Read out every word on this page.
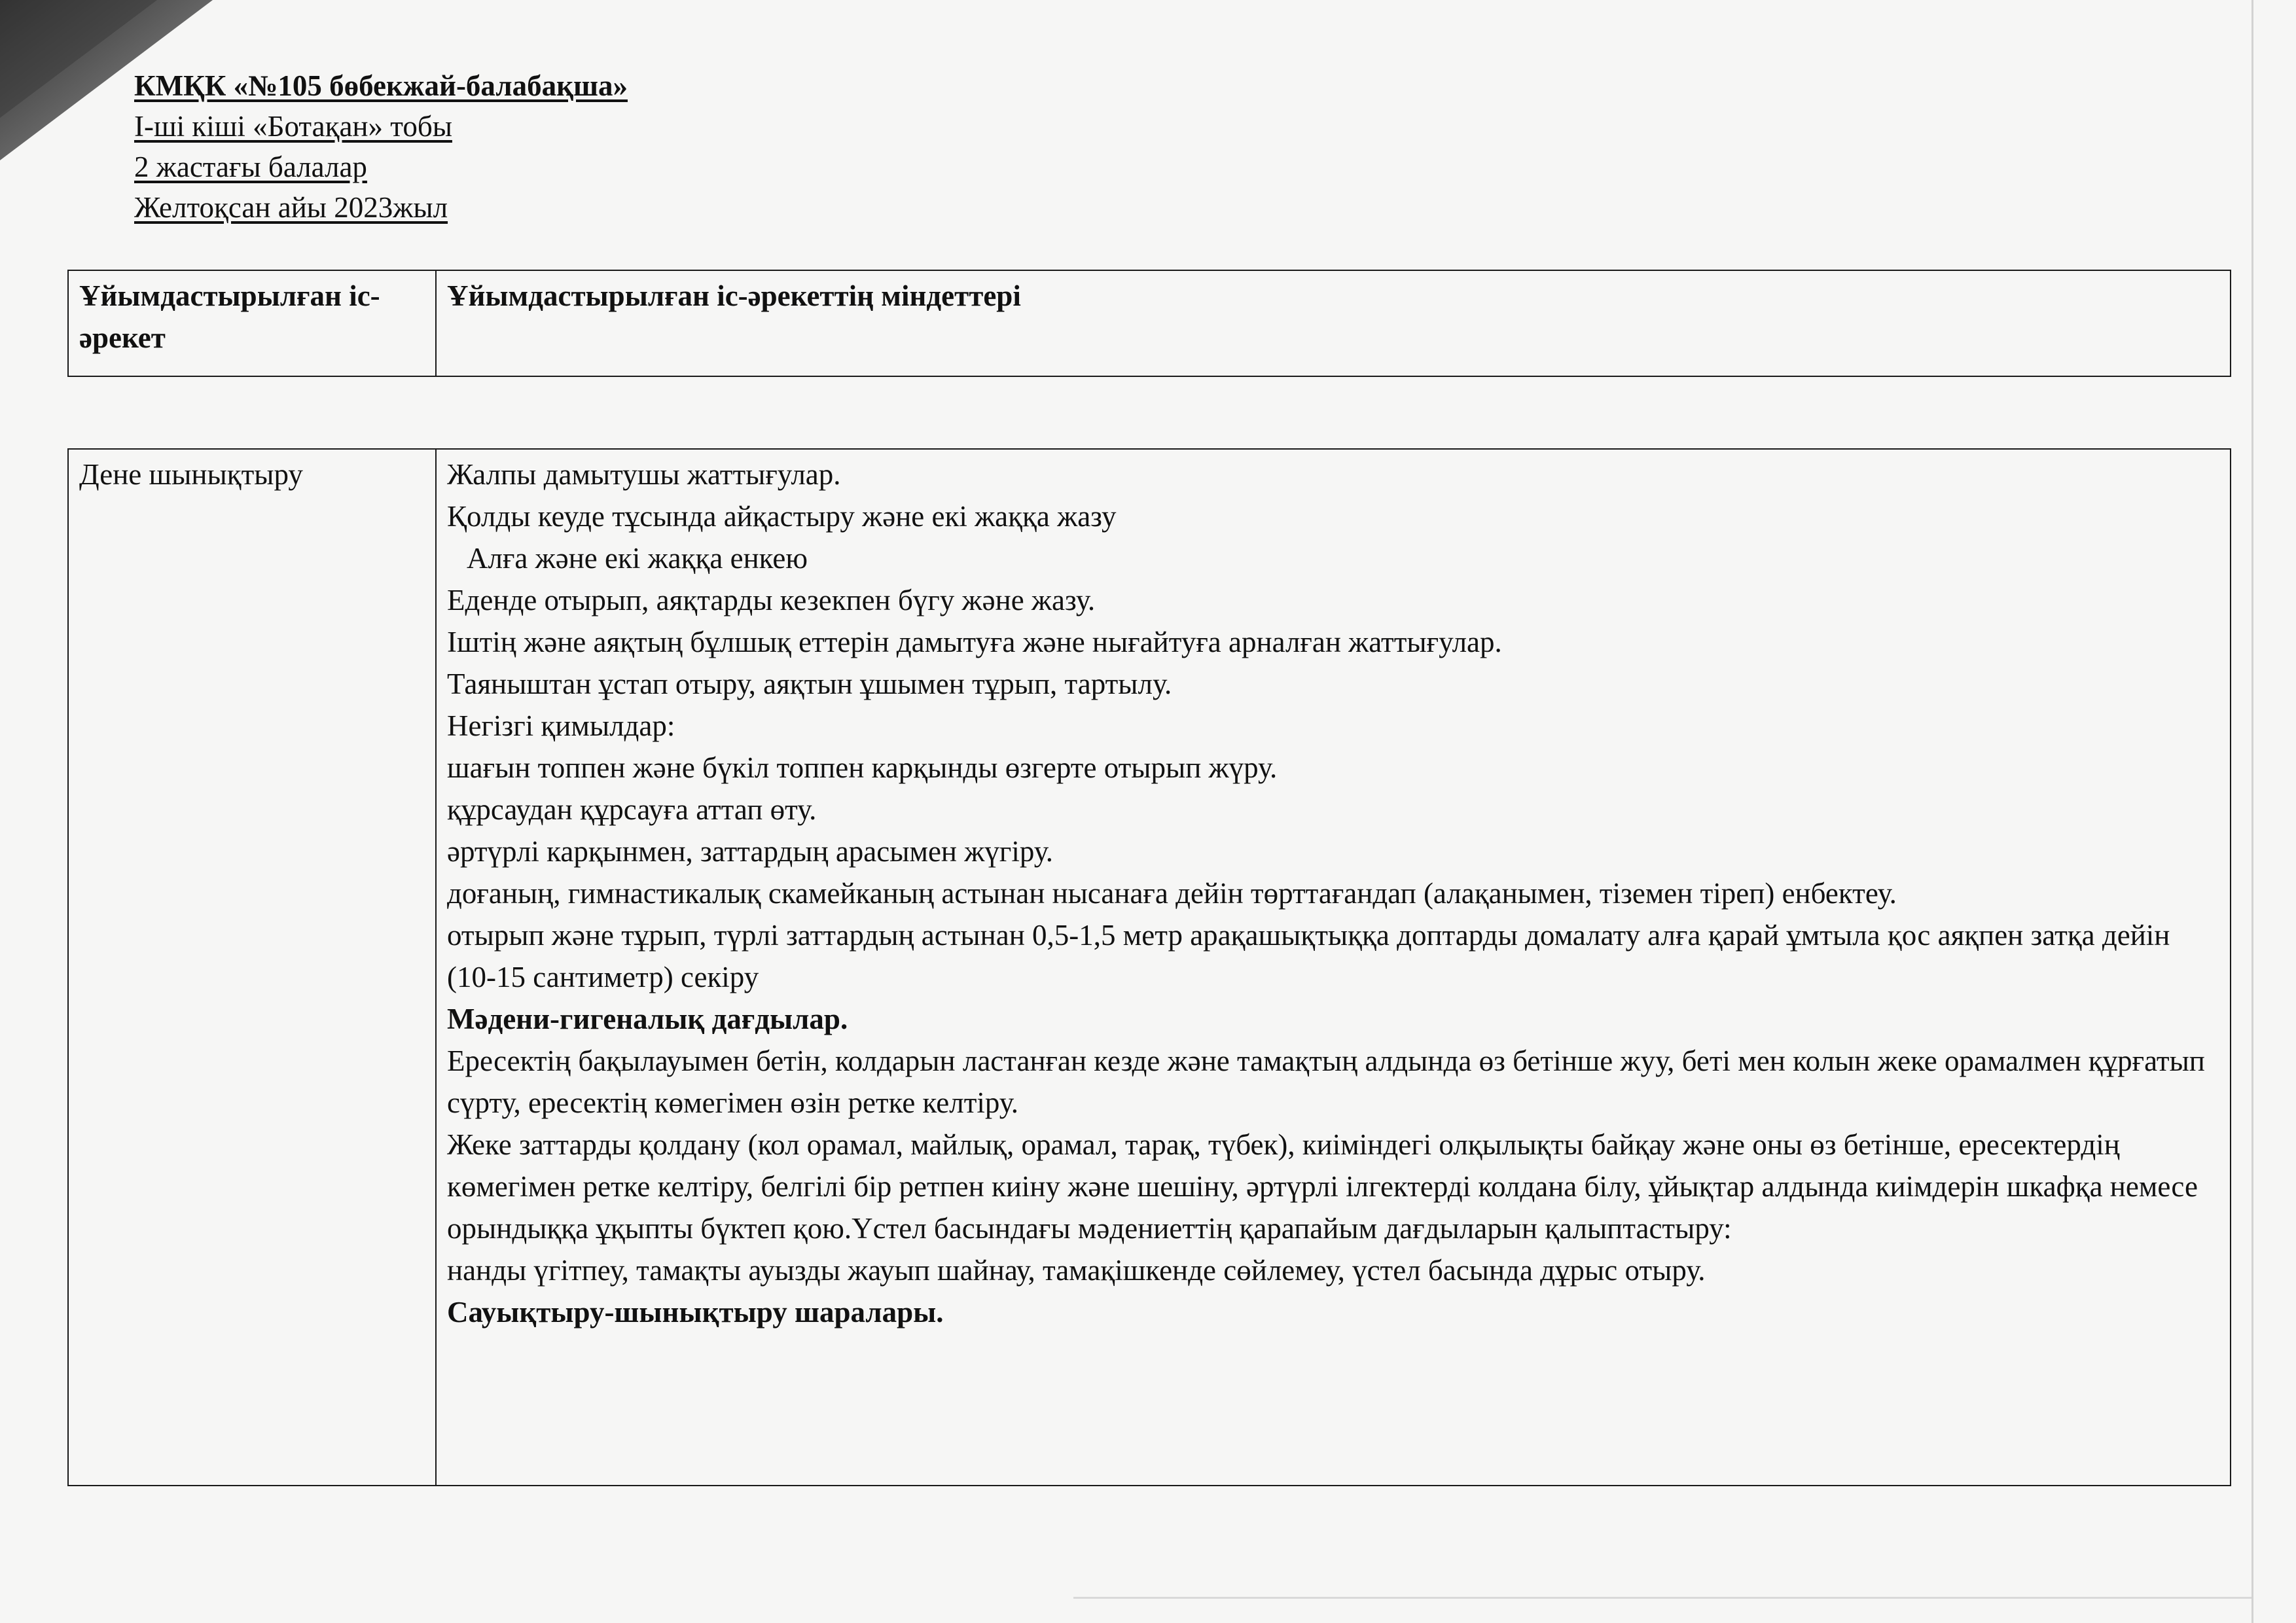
КМҚК «№105 бөбекжай-балабақша»
І-ші кіші «Ботақан» тобы
2 жастағы балалар
Желтоқсан айы 2023жыл
Ұйымдастырылған іс-әрекет	Ұйымдастырылған іс-әрекеттің міндеттері
Дене шынықтыру	Жалпы дамытушы жаттығулар.
Қолды кеуде тұсында айқастыру және екі жаққа жазу
Алға және екі жаққа енкею
Еденде отырып, аяқтарды кезекпен бүгу және жазу.
Іштің және аяқтың бұлшық еттерін дамытуға және нығайтуға арналған жаттығулар.
Таяныштан ұстап отыру, аяқтын ұшымен тұрып, тартылу.
Негізгі қимылдар:
шағын топпен және бүкіл топпен карқынды өзгерте отырып жүру.
құрсаудан құрсауға аттап өту.
әртүрлі карқынмен, заттардың арасымен жүгіру.
доғаның, гимнастикалық скамейканың астынан нысанаға дейін төрттағандап (алақанымен, тіземен тіреп) енбектеу.
отырып және тұрып, түрлі заттардың астынан 0,5-1,5 метр арақашықтыққа доптарды домалату алға қарай ұмтыла қос аяқпен затқа дейін (10-15 сантиметр) секіру
Мәдени-гигеналық дағдылар.
Ересектің бақылауымен бетін, колдарын ластанған кезде және тамақтың алдында өз бетінше жуу, беті мен колын жеке орамалмен құрғатып сүрту, ересектің көмегімен өзін ретке келтіру.
Жеке заттарды қолдану (кол орамал, майлық, орамал, тарақ, түбек), киіміндегі олқылықты байқау және оны өз бетінше, ересектердің көмегімен ретке келтіру, белгілі бір ретпен киіну және шешіну, әртүрлі ілгектерді колдана білу, ұйықтар алдында киімдерін шкафқа немесе орындыққа ұқыпты бүктеп қою.Үстел басындағы мәдениеттің қарапайым дағдыларын қалыптастыру:
нанды үгітпеу, тамақты ауызды жауып шайнау, тамақішкенде сөйлемеу, үстел басында дұрыс отыру.
Сауықтыру-шынықтыру шаралары.
